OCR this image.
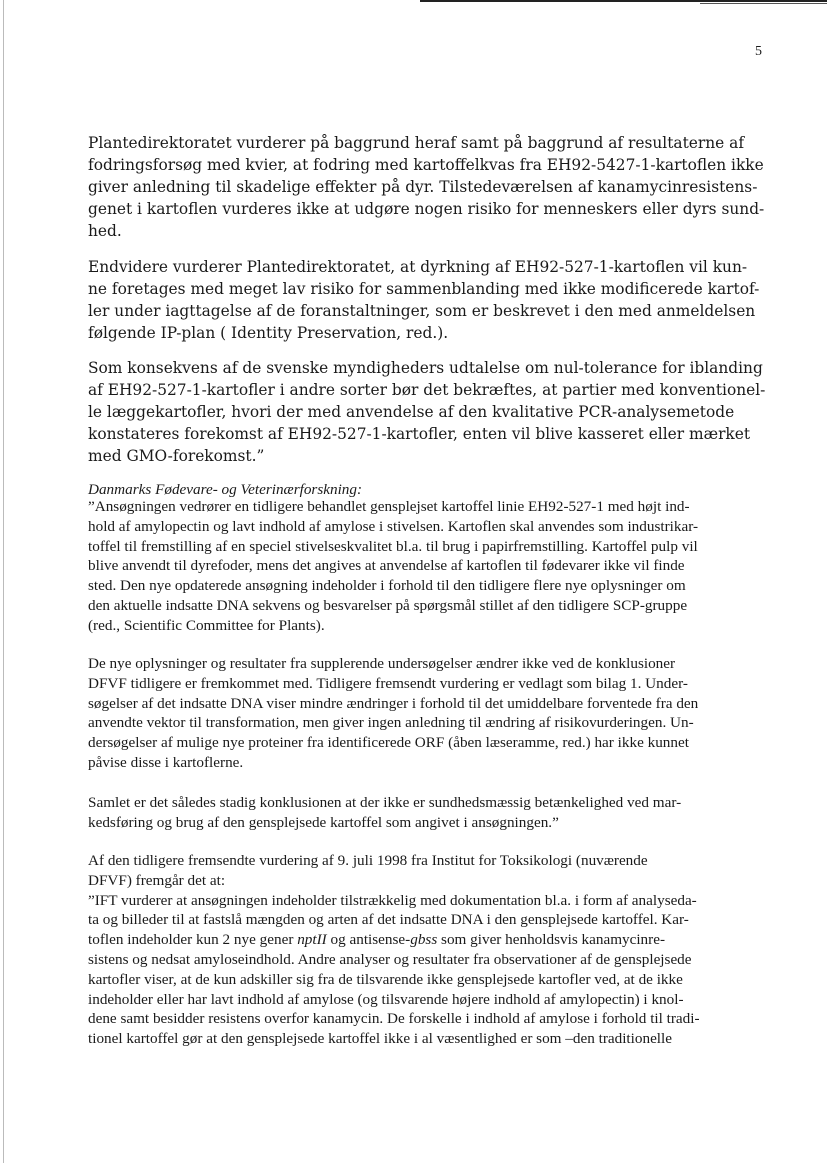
5
Plantedirektoratet vurderer på baggrund heraf samt på baggrund af resultaterne af
fodringsforsøg med kvier, at fodring med kartoffelkvas fra EH92-5427-1-kartoflen ikke
giver anledning til skadelige effekter på dyr. Tilstedeværelsen af kanamycinresistens-
genet i kartoflen vurderes ikke at udgøre nogen risiko for menneskers eller dyrs sund-
hed.
Endvidere vurderer Plantedirektoratet, at dyrkning af EH92-527-1-kartoflen vil kun-
ne foretages med meget lav risiko for sammenblanding med ikke modificerede kartof-
ler under iagttagelse af de foranstaltninger, som er beskrevet i den med anmeldelsen
følgende IP-plan ( Identity Preservation, red.).
Som konsekvens af de svenske myndigheders udtalelse om nul-tolerance for iblanding
af EH92-527-1-kartofler i andre sorter bør det bekræftes, at partier med konventionel-
le læggekartofler, hvori der med anvendelse af den kvalitative PCR-analysemetode
konstateres forekomst af EH92-527-1-kartofler, enten vil blive kasseret eller mærket
med GMO-forekomst.”
Danmarks Fødevare- og Veterinærforskning:
”Ansøgningen vedrører en tidligere behandlet gensplejset kartoffel linie EH92-527-1 med højt ind-
hold af amylopectin og lavt indhold af amylose i stivelsen. Kartoflen skal anvendes som industrikar-
toffel til fremstilling af en speciel stivelseskvalitet bl.a. til brug i papirfremstilling. Kartoffel pulp vil
blive anvendt til dyrefoder, mens det angives at anvendelse af kartoflen til fødevarer ikke vil finde
sted. Den nye opdaterede ansøgning indeholder i forhold til den tidligere flere nye oplysninger om
den aktuelle indsatte DNA sekvens og besvarelser på spørgsmål stillet af den tidligere SCP-gruppe
(red., Scientific Committee for Plants).
De nye oplysninger og resultater fra supplerende undersøgelser ændrer ikke ved de konklusioner
DFVF tidligere er fremkommet med. Tidligere fremsendt vurdering er vedlagt som bilag 1. Under-
søgelser af det indsatte DNA viser mindre ændringer i forhold til det umiddelbare forventede fra den
anvendte vektor til transformation, men giver ingen anledning til ændring af risikovurderingen. Un-
dersøgelser af mulige nye proteiner fra identificerede ORF (åben læseramme, red.) har ikke kunnet
påvise disse i kartoflerne.
Samlet er det således stadig konklusionen at der ikke er sundhedsmæssig betænkelighed ved mar-
kedsføring og brug af den gensplejsede kartoffel som angivet i ansøgningen.”
Af den tidligere fremsendte vurdering af 9. juli 1998 fra Institut for Toksikologi (nuværende
DFVF) fremgår det at:
”IFT vurderer at ansøgningen indeholder tilstrækkelig med dokumentation bl.a. i form af analyseda-
ta og billeder til at fastslå mængden og arten af det indsatte DNA i den gensplejsede kartoffel. Kar-
toflen indeholder kun 2 nye gener nptII og antisense-gbss som giver henholdsvis kanamycinre-
sistens og nedsat amyloseindhold. Andre analyser og resultater fra observationer af de gensplejsede
kartofler viser, at de kun adskiller sig fra de tilsvarende ikke gensplejsede kartofler ved, at de ikke
indeholder eller har lavt indhold af amylose (og tilsvarende højere indhold af amylopectin) i knol-
dene samt besidder resistens overfor kanamycin. De forskelle i indhold af amylose i forhold til tradi-
tionel kartoffel gør at den gensplejsede kartoffel ikke i al væsentlighed er som –den traditionelle
